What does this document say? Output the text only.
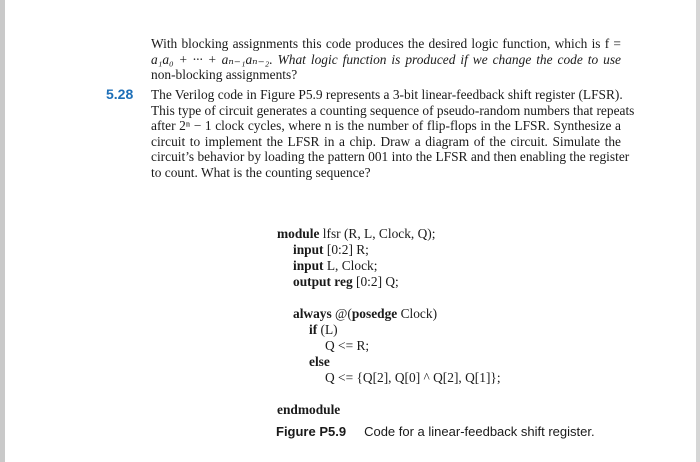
With blocking assignments this code produces the desired logic function, which is f =
a₁a₀ + ··· + aₙ₋₁aₙ₋₂. What logic function is produced if we change the code to use
non-blocking assignments?
5.28 The Verilog code in Figure P5.9 represents a 3-bit linear-feedback shift register (LFSR).
This type of circuit generates a counting sequence of pseudo-random numbers that repeats
after 2ⁿ − 1 clock cycles, where n is the number of flip-flops in the LFSR. Synthesize a
circuit to implement the LFSR in a chip. Draw a diagram of the circuit. Simulate the
circuit’s behavior by loading the pattern 001 into the LFSR and then enabling the register
to count. What is the counting sequence?
module lfsr (R, L, Clock, Q);
input [0:2] R;
input L, Clock;
output reg [0:2] Q;
always @(posedge Clock)
if (L)
Q <= R;
else
Q <= {Q[2], Q[0] ^ Q[2], Q[1]};
endmodule
Figure P5.9 Code for a linear-feedback shift register.
